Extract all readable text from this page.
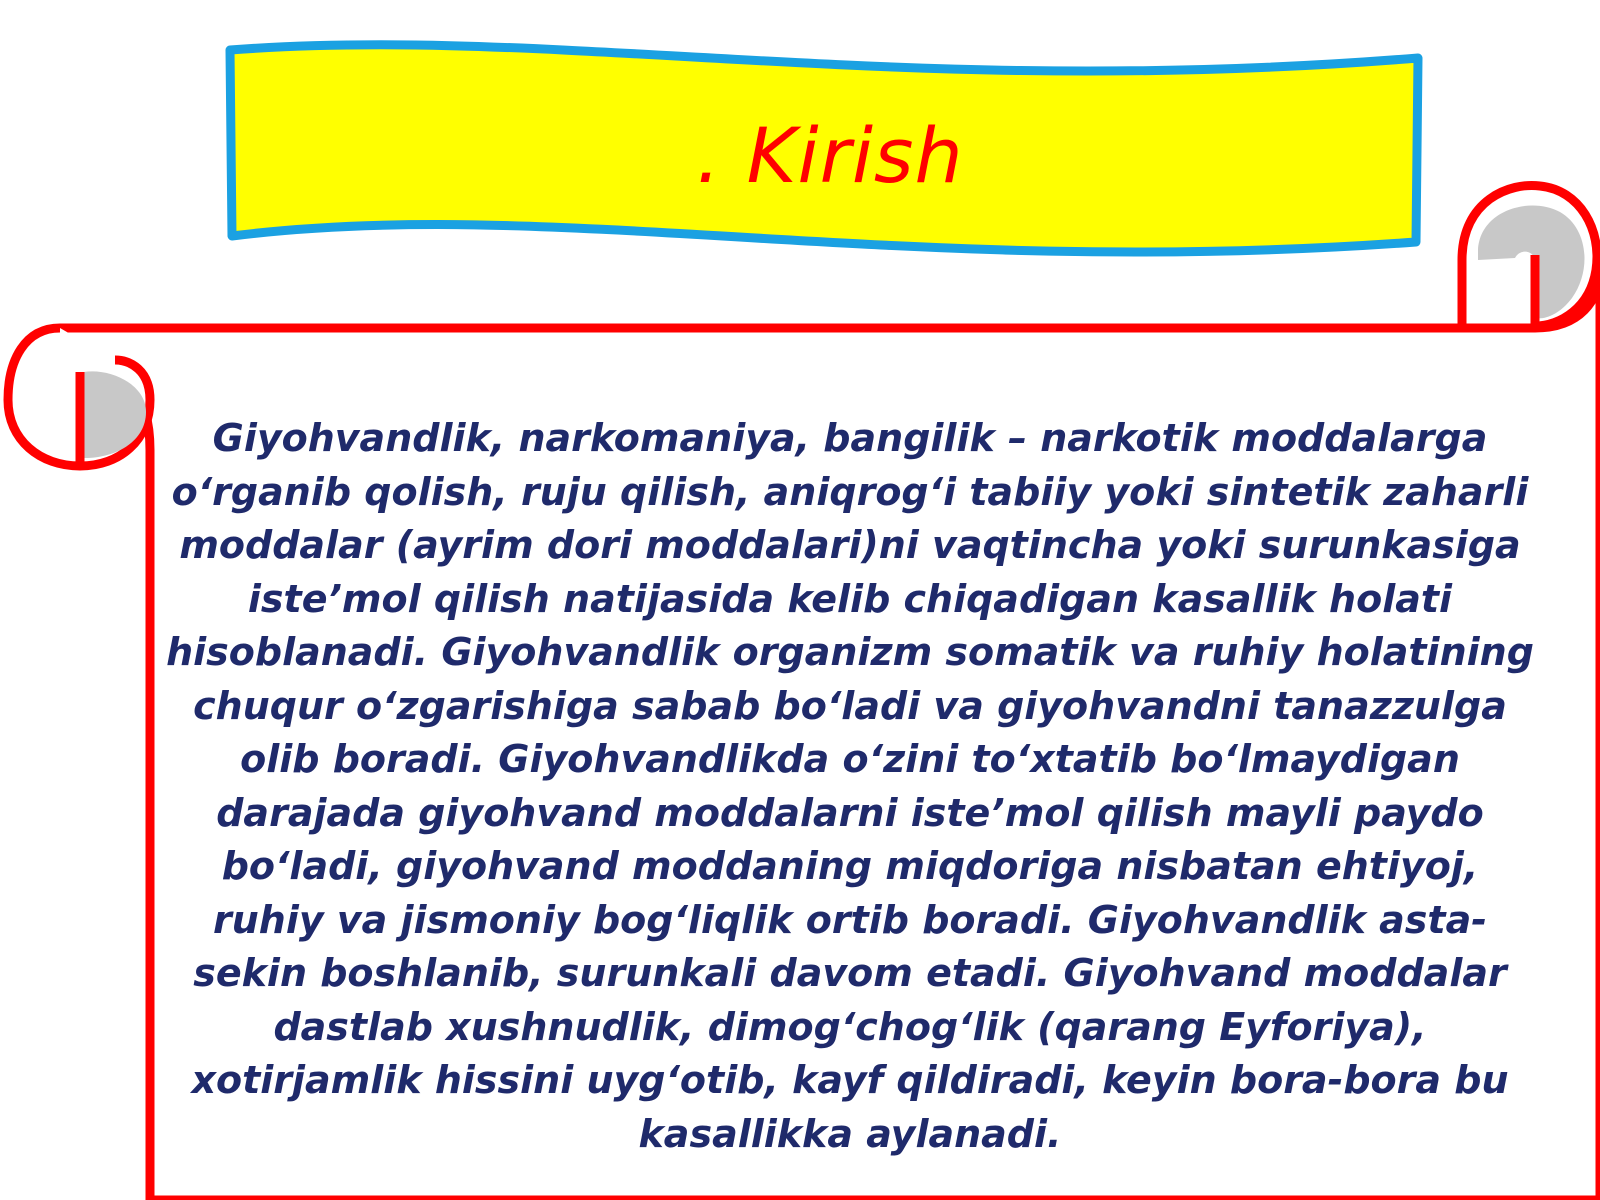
. Kirish

Giyohvandlik, narkomaniya, bangilik – narkotik moddalarga o‘rganib qolish, ruju qilish, aniqrog‘i tabiiy yoki sintetik zaharli moddalar (ayrim dori moddalari)ni vaqtincha yoki surunkasiga iste’mol qilish natijasida kelib chiqadigan kasallik holati hisoblanadi. Giyohvandlik organizm somatik va ruhiy holatining chuqur o‘zgarishiga sabab bo‘ladi va giyohvandni tanazzulga olib boradi. Giyohvandlikda o‘zini to‘xtatib bo‘lmaydigan darajada giyohvand moddalarni iste’mol qilish mayli paydo bo‘ladi, giyohvand moddaning miqdoriga nisbatan ehtiyoj, ruhiy va jismoniy bog‘liqlik ortib boradi. Giyohvandlik asta-sekin boshlanib, surunkali davom etadi. Giyohvand moddalar dastlab xushnudlik, dimog‘chog‘lik (qarang Eyforiya), xotirjamlik hissini uyg‘otib, kayf qildiradi, keyin bora-bora bu kasallikka aylanadi.
